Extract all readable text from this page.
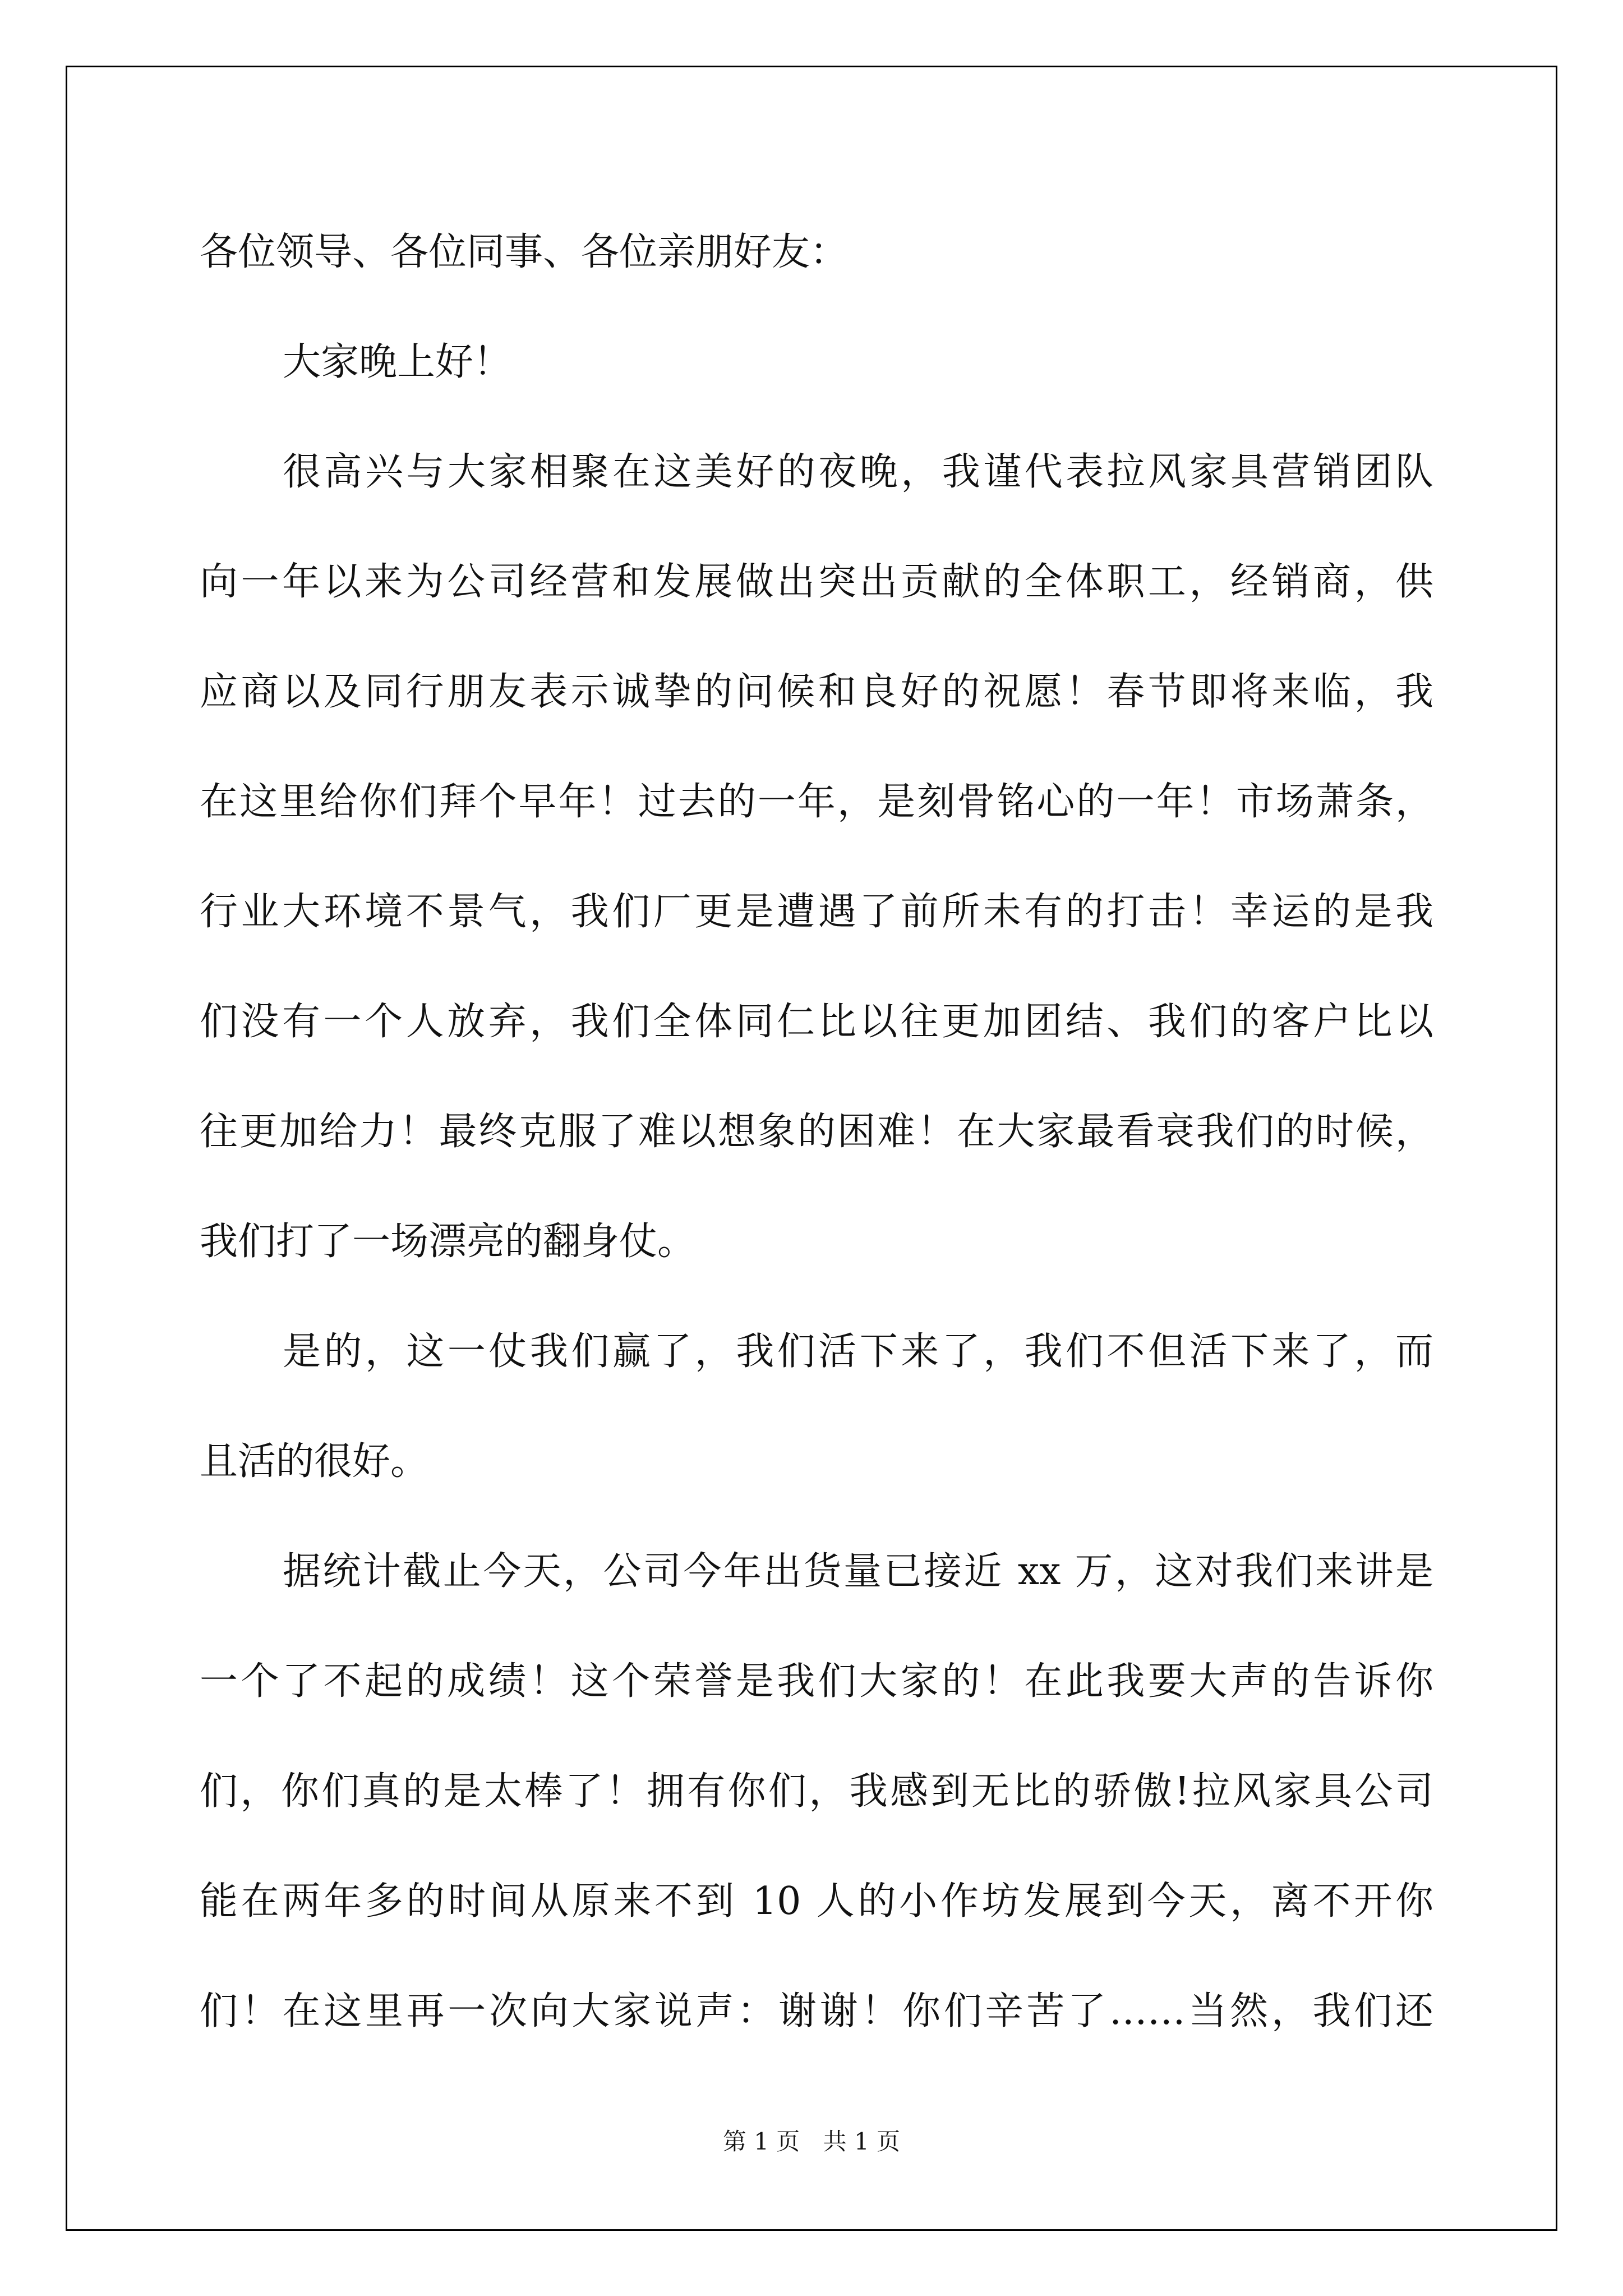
各位领导、各位同事、各位亲朋好友：
大家晚上好！
很高兴与大家相聚在这美好的夜晚，我谨代表拉风家具营销团队
向一年以来为公司经营和发展做出突出贡献的全体职工，经销商，供
应商以及同行朋友表示诚挚的问候和良好的祝愿！春节即将来临，我
在这里给你们拜个早年！过去的一年，是刻骨铭心的一年！市场萧条，
行业大环境不景气，我们厂更是遭遇了前所未有的打击！幸运的是我
们没有一个人放弃，我们全体同仁比以往更加团结、我们的客户比以
往更加给力！最终克服了难以想象的困难！在大家最看衰我们的时候，
我们打了一场漂亮的翻身仗。
是的，这一仗我们赢了，我们活下来了，我们不但活下来了，而
且活的很好。
据统计截止今天，公司今年出货量已接近 xx 万，这对我们来讲是
一个了不起的成绩！这个荣誉是我们大家的！在此我要大声的告诉你
们，你们真的是太棒了！拥有你们，我感到无比的骄傲!拉风家具公司
能在两年多的时间从原来不到 10 人的小作坊发展到今天，离不开你
们！在这里再一次向大家说声：谢谢！你们辛苦了……当然，我们还
第 1 页 共 1 页
